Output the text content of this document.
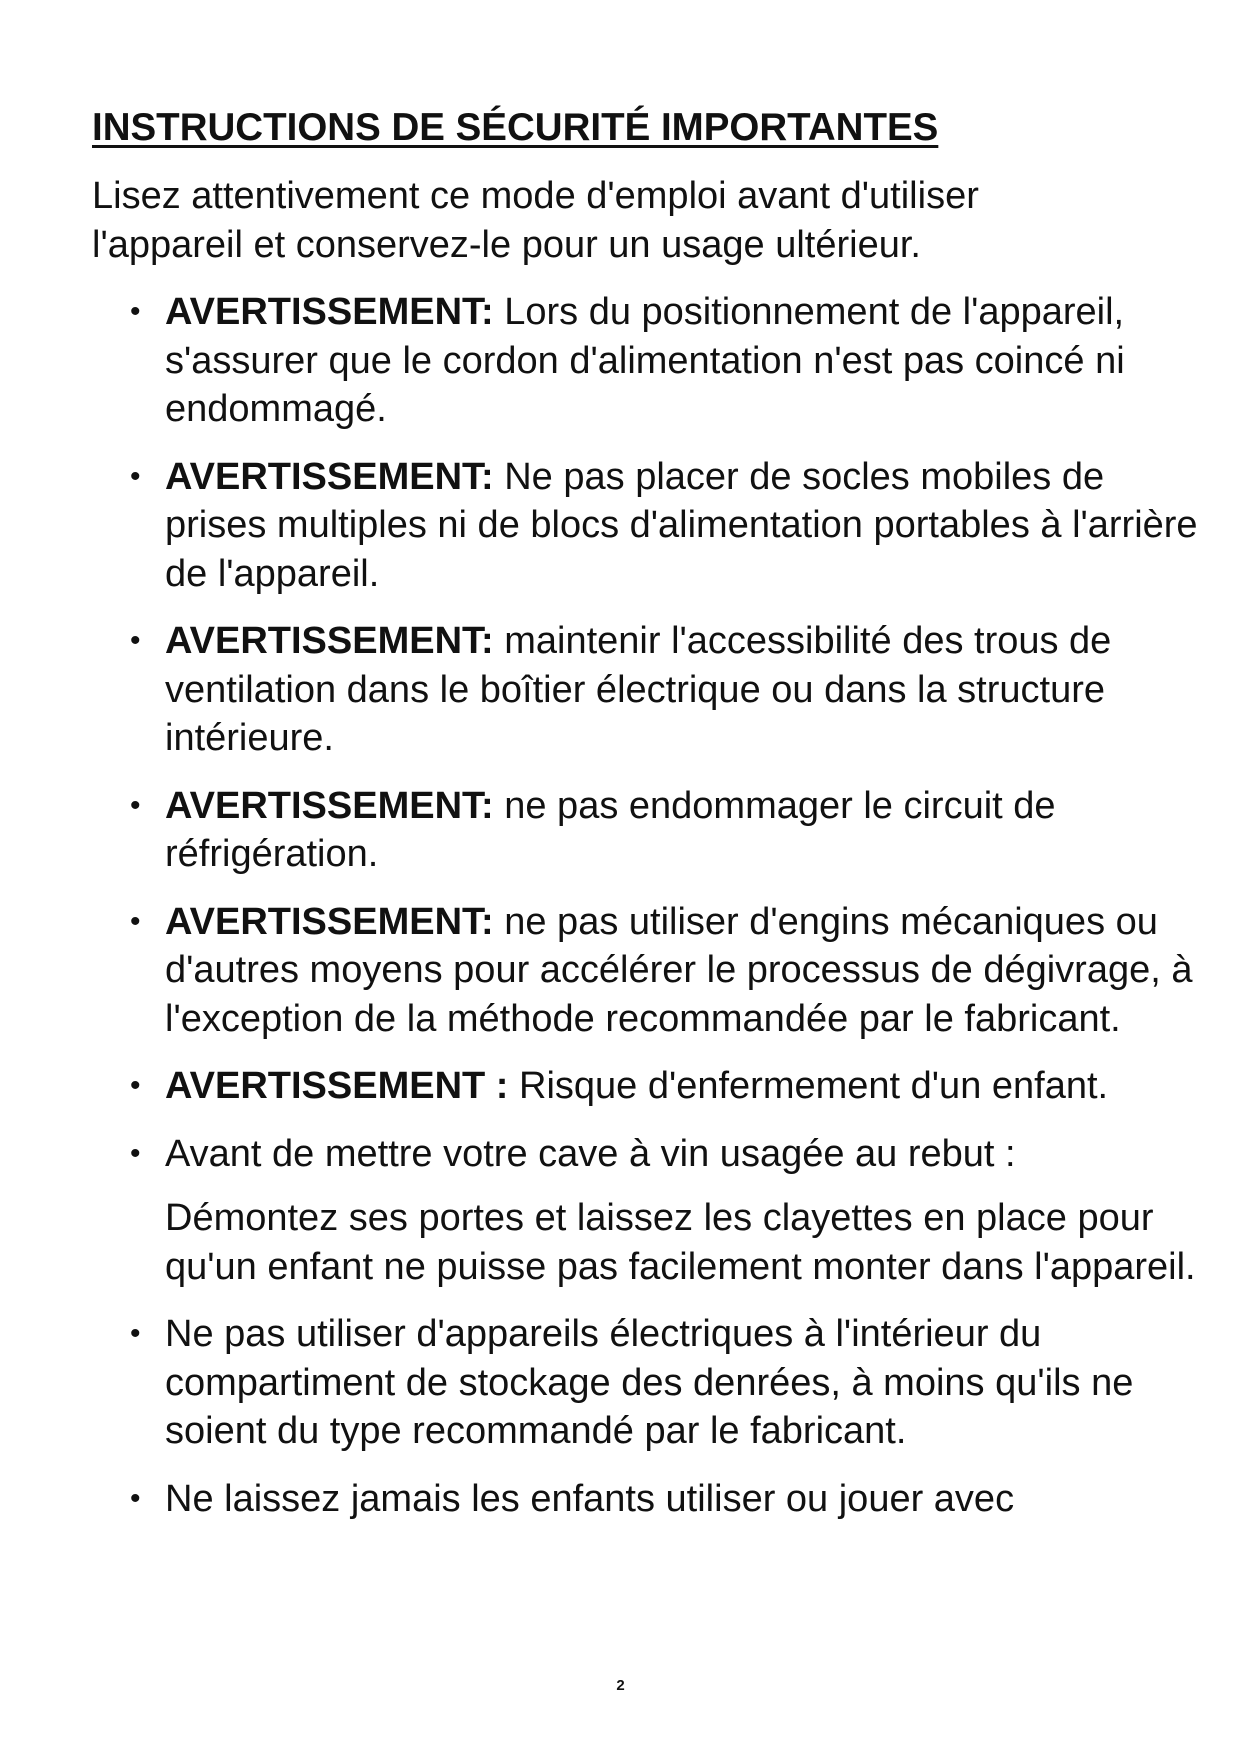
INSTRUCTIONS DE SÉCURITÉ IMPORTANTES

Lisez attentivement ce mode d'emploi avant d'utiliser
l'appareil et conservez-le pour un usage ultérieur.

• AVERTISSEMENT: Lors du positionnement de l'appareil, s'assurer que le cordon d'alimentation n'est pas coincé ni endommagé.
• AVERTISSEMENT: Ne pas placer de socles mobiles de prises multiples ni de blocs d'alimentation portables à l'arrière de l'appareil.
• AVERTISSEMENT: maintenir l'accessibilité des trous de ventilation dans le boîtier électrique ou dans la structure intérieure.
• AVERTISSEMENT: ne pas endommager le circuit de réfrigération.
• AVERTISSEMENT: ne pas utiliser d'engins mécaniques ou d'autres moyens pour accélérer le processus de dégivrage, à l'exception de la méthode recommandée par le fabricant.
• AVERTISSEMENT : Risque d'enfermement d'un enfant.
• Avant de mettre votre cave à vin usagée au rebut :
Démontez ses portes et laissez les clayettes en place pour qu'un enfant ne puisse pas facilement monter dans l'appareil.
• Ne pas utiliser d'appareils électriques à l'intérieur du compartiment de stockage des denrées, à moins qu'ils ne soient du type recommandé par le fabricant.
• Ne laissez jamais les enfants utiliser ou jouer avec
2
